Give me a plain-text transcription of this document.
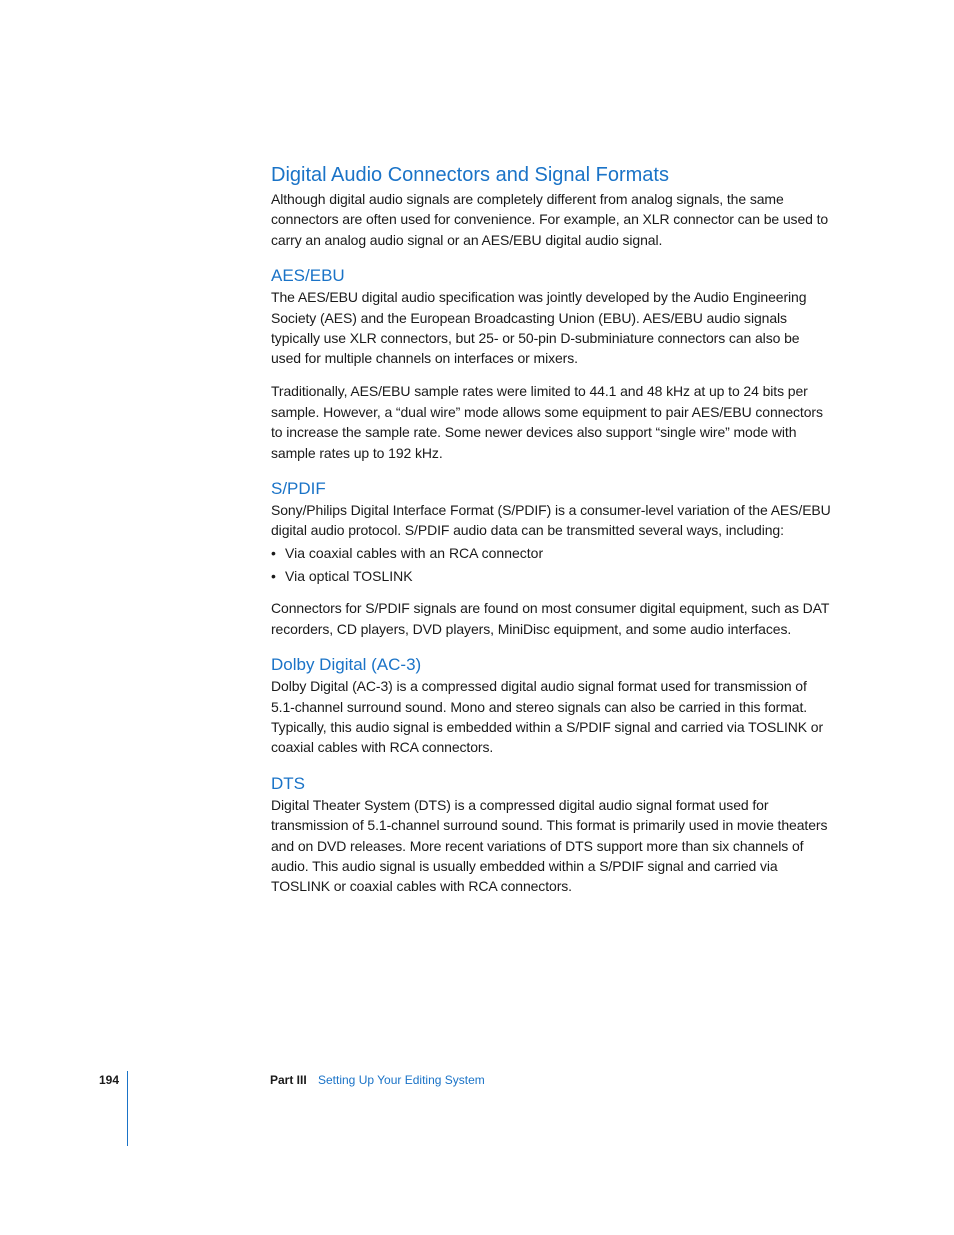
Digital Audio Connectors and Signal Formats

Although digital audio signals are completely different from analog signals, the same connectors are often used for convenience. For example, an XLR connector can be used to carry an analog audio signal or an AES/EBU digital audio signal.

AES/EBU

The AES/EBU digital audio specification was jointly developed by the Audio Engineering Society (AES) and the European Broadcasting Union (EBU). AES/EBU audio signals typically use XLR connectors, but 25- or 50-pin D-subminiature connectors can also be used for multiple channels on interfaces or mixers.

Traditionally, AES/EBU sample rates were limited to 44.1 and 48 kHz at up to 24 bits per sample. However, a “dual wire” mode allows some equipment to pair AES/EBU connectors to increase the sample rate. Some newer devices also support “single wire” mode with sample rates up to 192 kHz.

S/PDIF

Sony/Philips Digital Interface Format (S/PDIF) is a consumer-level variation of the AES/EBU digital audio protocol. S/PDIF audio data can be transmitted several ways, including:

• Via coaxial cables with an RCA connector
• Via optical TOSLINK

Connectors for S/PDIF signals are found on most consumer digital equipment, such as DAT recorders, CD players, DVD players, MiniDisc equipment, and some audio interfaces.

Dolby Digital (AC-3)

Dolby Digital (AC-3) is a compressed digital audio signal format used for transmission of 5.1-channel surround sound. Mono and stereo signals can also be carried in this format. Typically, this audio signal is embedded within a S/PDIF signal and carried via TOSLINK or coaxial cables with RCA connectors.

DTS

Digital Theater System (DTS) is a compressed digital audio signal format used for transmission of 5.1-channel surround sound. This format is primarily used in movie theaters and on DVD releases. More recent variations of DTS support more than six channels of audio. This audio signal is usually embedded within a S/PDIF signal and carried via TOSLINK or coaxial cables with RCA connectors.

194	Part III Setting Up Your Editing System
